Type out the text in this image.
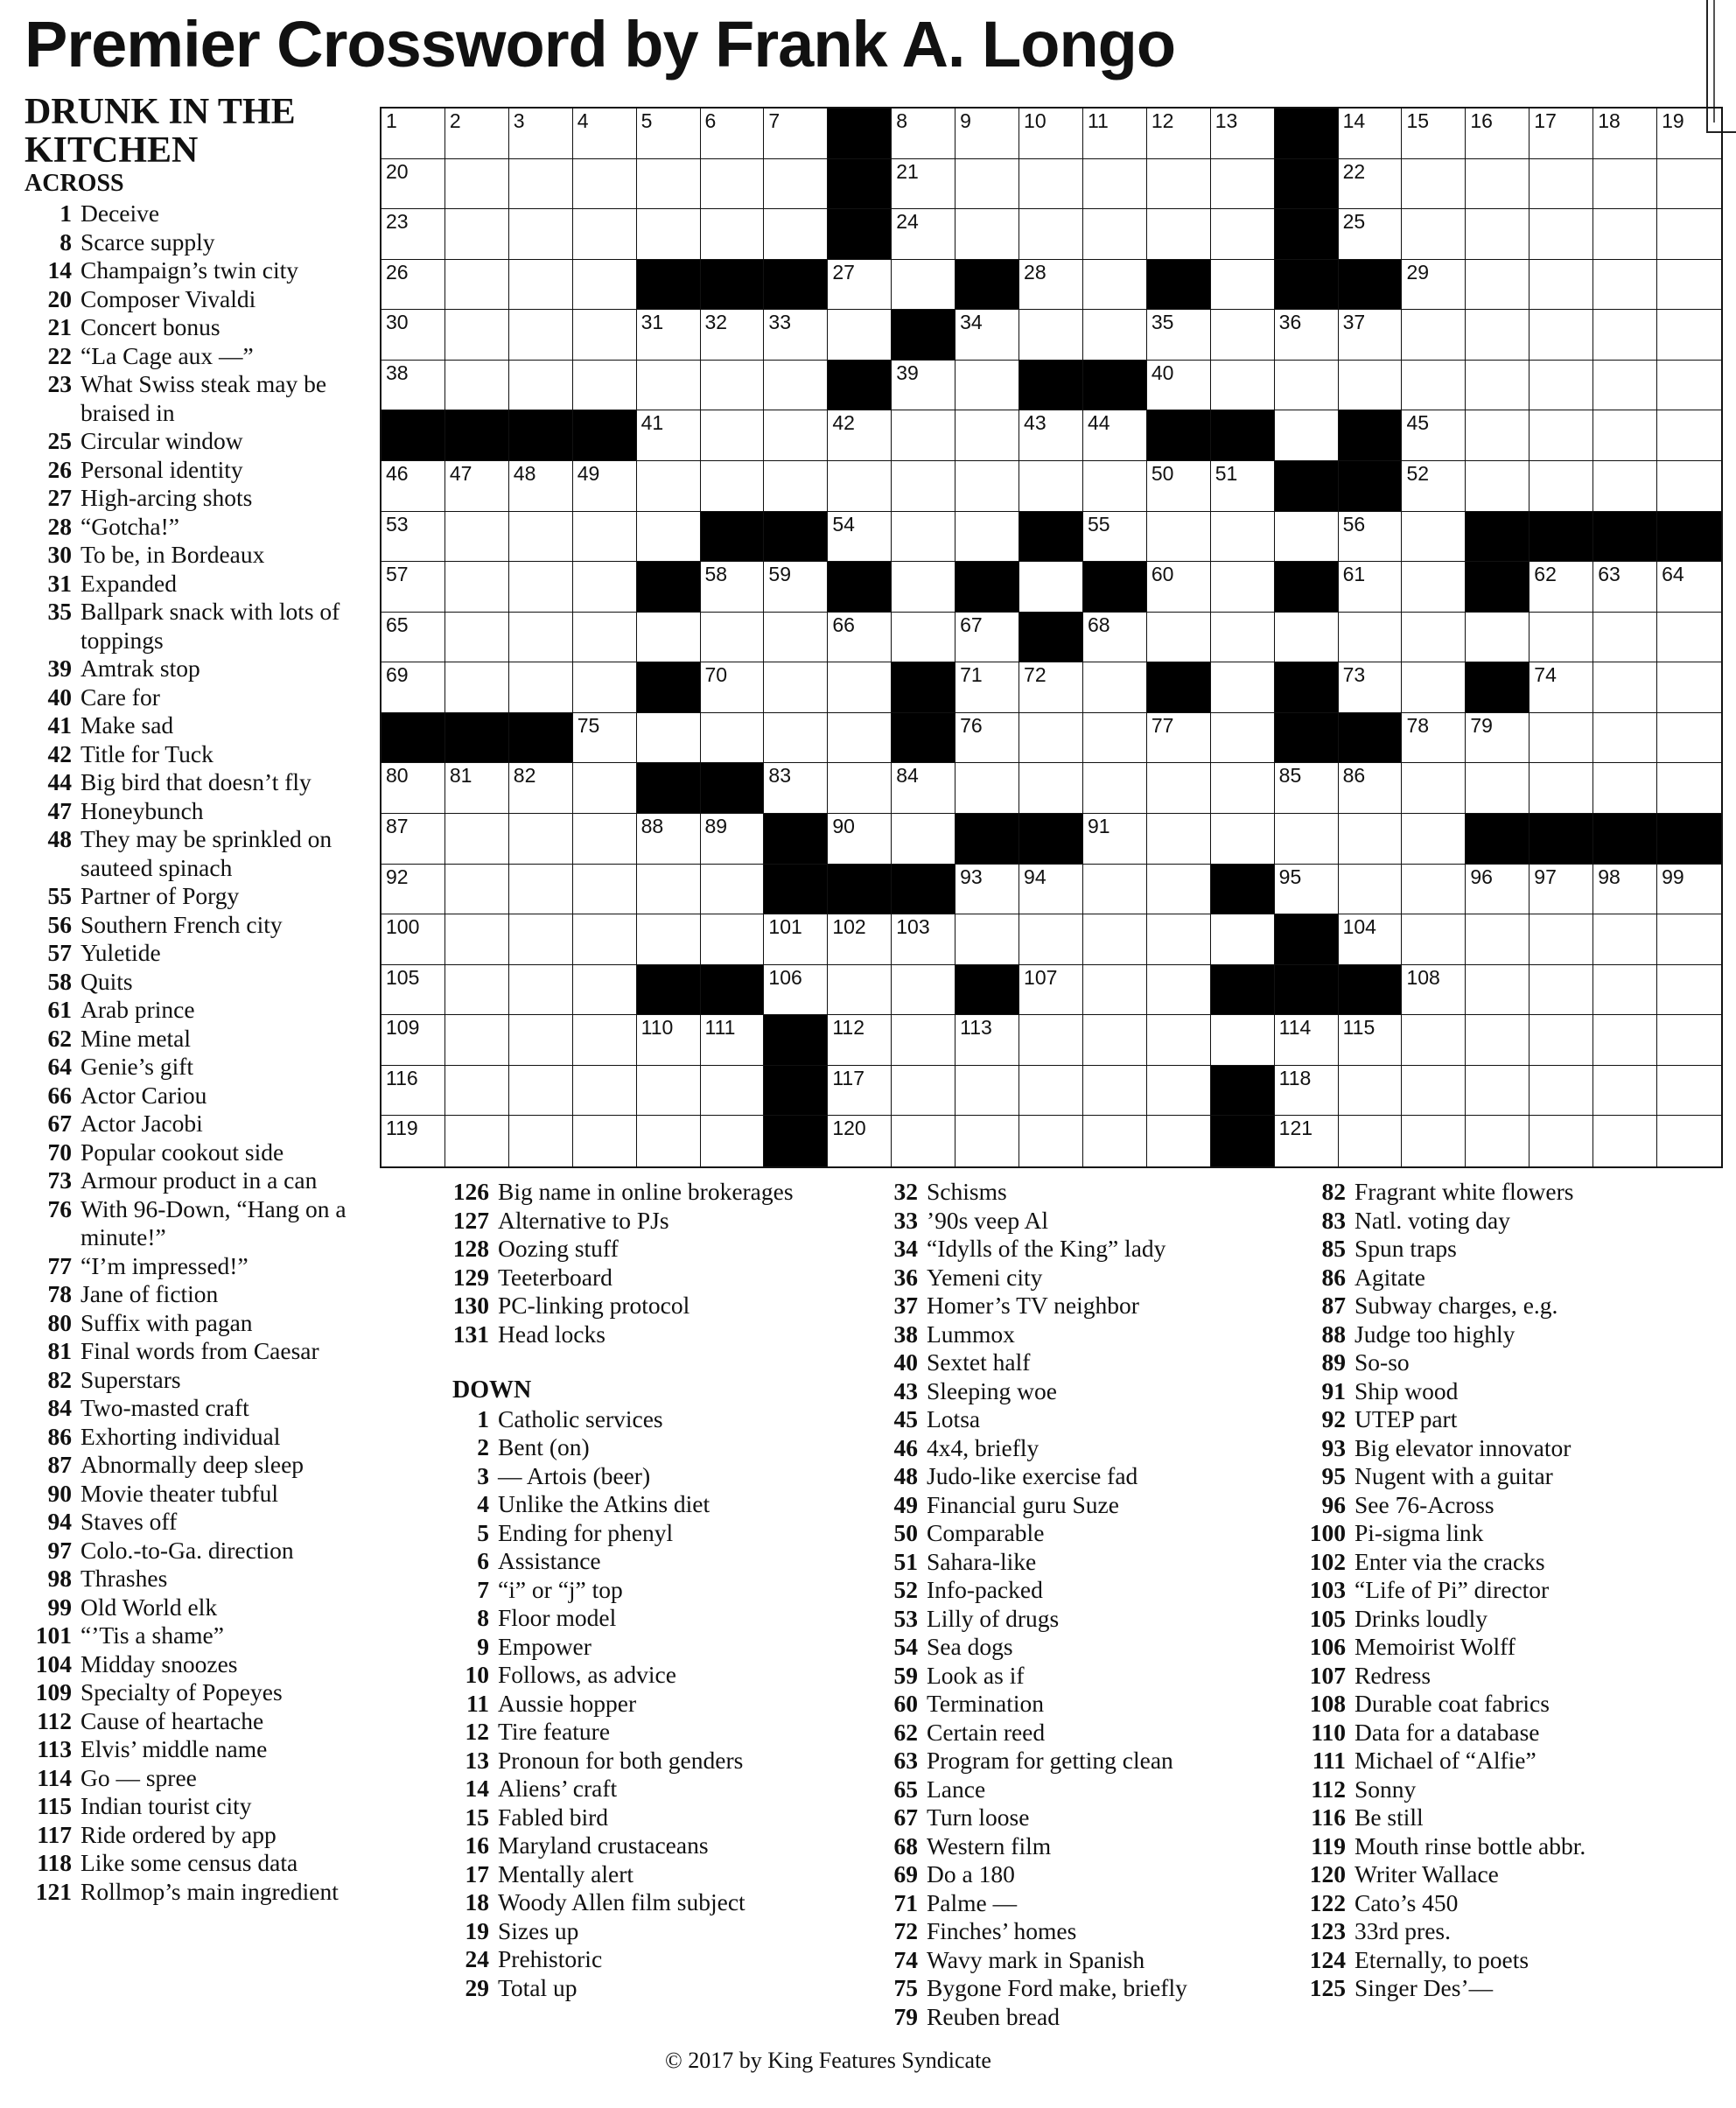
Premier Crossword by Frank A. Longo
DRUNK IN THE KITCHEN
ACROSS
1 Deceive
8 Scarce supply
14 Champaign’s twin city
20 Composer Vivaldi
21 Concert bonus
22 “La Cage aux —”
23 What Swiss steak may be braised in
25 Circular window
26 Personal identity
27 High-arcing shots
28 “Gotcha!”
30 To be, in Bordeaux
31 Expanded
35 Ballpark snack with lots of toppings
39 Amtrak stop
40 Care for
41 Make sad
42 Title for Tuck
44 Big bird that doesn’t fly
47 Honeybunch
48 They may be sprinkled on sauteed spinach
55 Partner of Porgy
56 Southern French city
57 Yuletide
58 Quits
61 Arab prince
62 Mine metal
64 Genie’s gift
66 Actor Cariou
67 Actor Jacobi
70 Popular cookout side
73 Armour product in a can
76 With 96-Down, “Hang on a minute!”
77 “I’m impressed!”
78 Jane of fiction
80 Suffix with pagan
81 Final words from Caesar
82 Superstars
84 Two-masted craft
86 Exhorting individual
87 Abnormally deep sleep
90 Movie theater tubful
94 Staves off
97 Colo.-to-Ga. direction
98 Thrashes
99 Old World elk
101 “’Tis a shame”
104 Midday snoozes
109 Specialty of Popeyes
112 Cause of heartache
113 Elvis’ middle name
114 Go — spree
115 Indian tourist city
117 Ride ordered by app
118 Like some census data
121 Rollmop’s main ingredient
126 Big name in online brokerages
127 Alternative to PJs
128 Oozing stuff
129 Teeterboard
130 PC-linking protocol
131 Head locks
DOWN
1 Catholic services
2 Bent (on)
3 — Artois (beer)
4 Unlike the Atkins diet
5 Ending for phenyl
6 Assistance
7 “i” or “j” top
8 Floor model
9 Empower
10 Follows, as advice
11 Aussie hopper
12 Tire feature
13 Pronoun for both genders
14 Aliens’ craft
15 Fabled bird
16 Maryland crustaceans
17 Mentally alert
18 Woody Allen film subject
19 Sizes up
24 Prehistoric
29 Total up
32 Schisms
33 ’90s veep Al
34 “Idylls of the King” lady
36 Yemeni city
37 Homer’s TV neighbor
38 Lummox
40 Sextet half
43 Sleeping woe
45 Lotsa
46 4x4, briefly
48 Judo-like exercise fad
49 Financial guru Suze
50 Comparable
51 Sahara-like
52 Info-packed
53 Lilly of drugs
54 Sea dogs
59 Look as if
60 Termination
62 Certain reed
63 Program for getting clean
65 Lance
67 Turn loose
68 Western film
69 Do a 180
71 Palme —
72 Finches’ homes
74 Wavy mark in Spanish
75 Bygone Ford make, briefly
79 Reuben bread
82 Fragrant white flowers
83 Natl. voting day
85 Spun traps
86 Agitate
87 Subway charges, e.g.
88 Judge too highly
89 So-so
91 Ship wood
92 UTEP part
93 Big elevator innovator
95 Nugent with a guitar
96 See 76-Across
100 Pi-sigma link
102 Enter via the cracks
103 “Life of Pi” director
105 Drinks loudly
106 Memoirist Wolff
107 Redress
108 Durable coat fabrics
110 Data for a database
111 Michael of “Alfie”
112 Sonny
116 Be still
119 Mouth rinse bottle abbr.
120 Writer Wallace
122 Cato’s 450
123 33rd pres.
124 Eternally, to poets
125 Singer Des’—
1	2	3	4	5	6	7	8	9	10	11	12	13	14	15	16	17	18	19
20	21	22
23	24	25
26	27	28	29
30	31	32	33	34	35	36	37
38	39	40
41	42	43	44	45
46	47	48	49	50	51	52
53	54	55	56
57	58	59	60	61	62	63	64
65	66	67	68
69	70	71	72	73	74
75	76	77	78	79
80	81	82	83	84	85	86
87	88	89	90	91
92	93	94	95	96	97	98	99
100	101	102	103	104
105	106	107	108
109	110	111	112	113	114	115
116	117	118
119	120	121
© 2017 by King Features Syndicate
